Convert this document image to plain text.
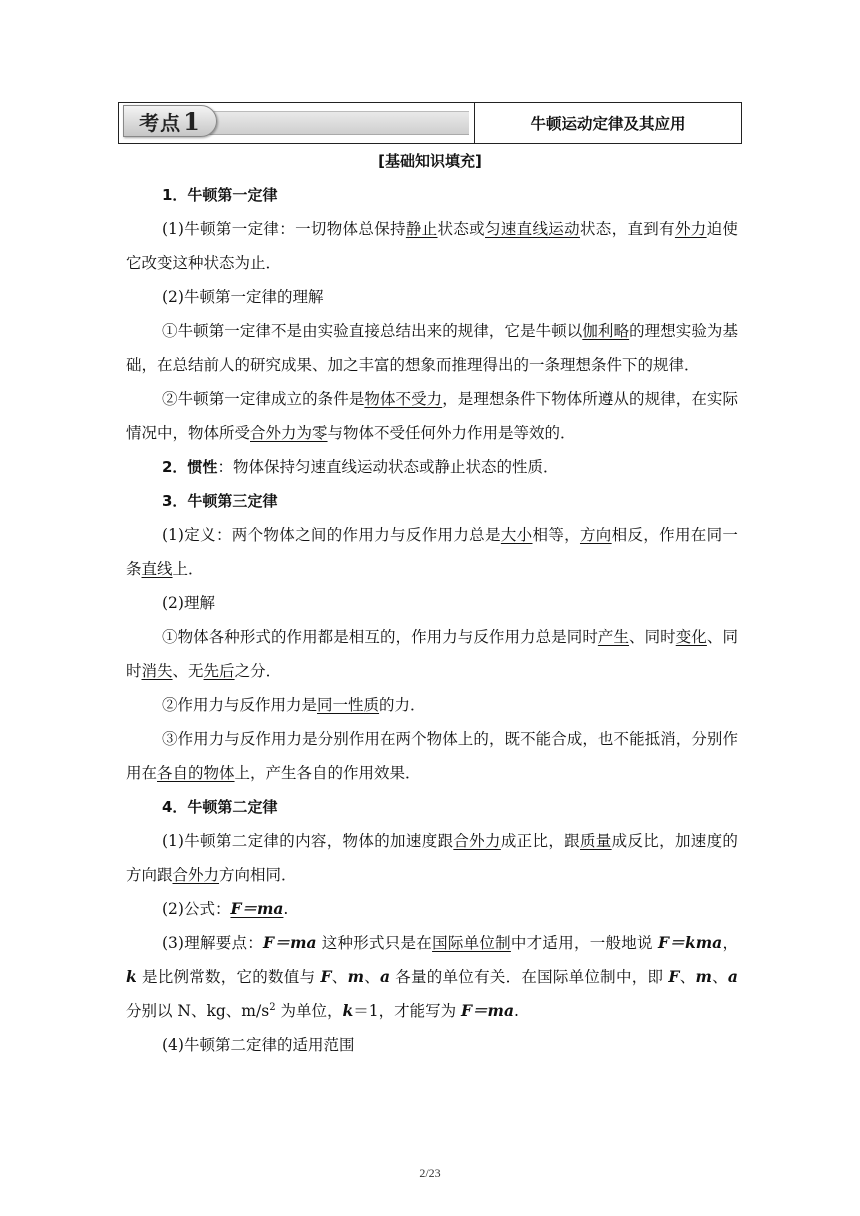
考点 1	牛顿运动定律及其应用
[基础知识填充]

1．牛顿第一定律

(1)牛顿第一定律：一切物体总保持静止状态或匀速直线运动状态，直到有外力迫使它改变这种状态为止．

(2)牛顿第一定律的理解

①牛顿第一定律不是由实验直接总结出来的规律，它是牛顿以伽利略的理想实验为基础，在总结前人的研究成果、加之丰富的想象而推理得出的一条理想条件下的规律．

②牛顿第一定律成立的条件是物体不受力，是理想条件下物体所遵从的规律，在实际情况中，物体所受合外力为零与物体不受任何外力作用是等效的．

2．惯性：物体保持匀速直线运动状态或静止状态的性质．

3．牛顿第三定律

(1)定义：两个物体之间的作用力与反作用力总是大小相等，方向相反，作用在同一条直线上．

(2)理解

①物体各种形式的作用都是相互的，作用力与反作用力总是同时产生、同时变化、同时消失、无先后之分．

②作用力与反作用力是同一性质的力．

③作用力与反作用力是分别作用在两个物体上的，既不能合成，也不能抵消，分别作用在各自的物体上，产生各自的作用效果．

4．牛顿第二定律

(1)牛顿第二定律的内容，物体的加速度跟合外力成正比，跟质量成反比，加速度的方向跟合外力方向相同．

(2)公式：F＝ma.

(3)理解要点：F＝ma 这种形式只是在国际单位制中才适用，一般地说 F＝kma，k 是比例常数，它的数值与 F、m、a 各量的单位有关．在国际单位制中，即 F、m、a 分别以 N、kg、$m/s^2$ 为单位，k＝1，才能写为 F＝ma.

(4)牛顿第二定律的适用范围

2/23
